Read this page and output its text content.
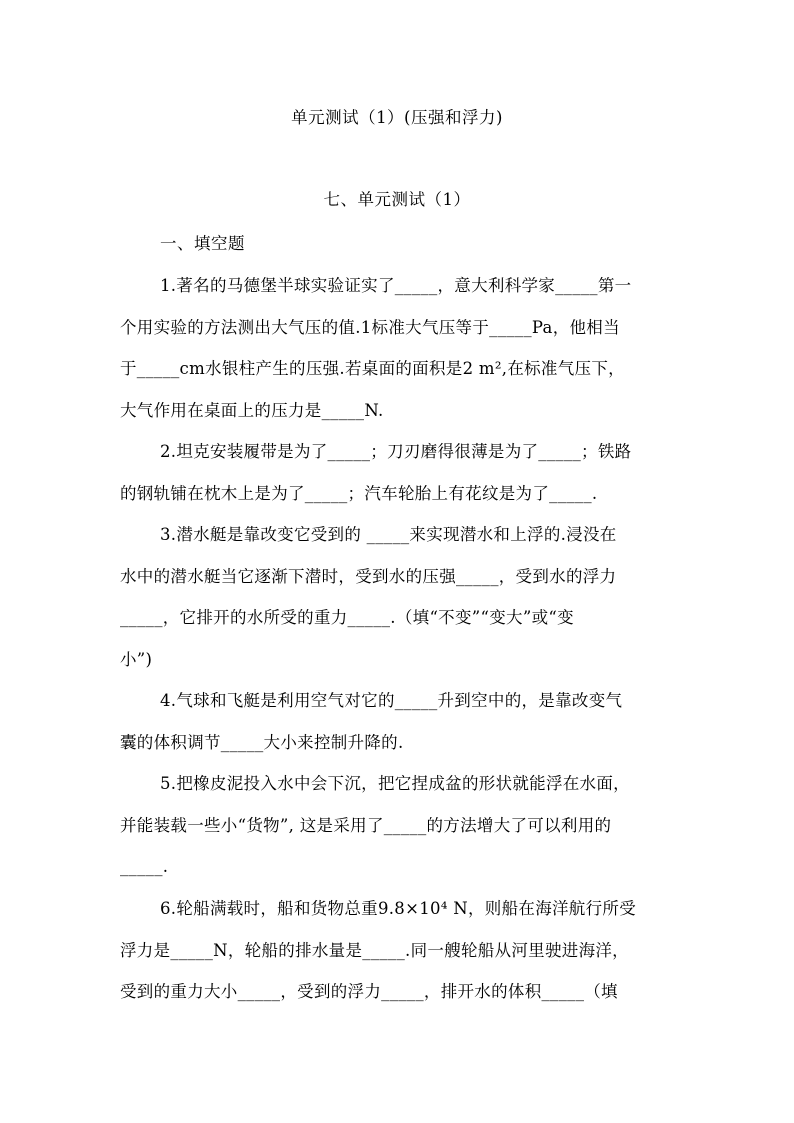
单元测试（1）(压强和浮力)
七、单元测试（1）
一、填空题
1.著名的马德堡半球实验证实了_____，意大利科学家_____第一
个用实验的方法测出大气压的值.1标准大气压等于_____Pa，他相当
于_____cm水银柱产生的压强.若桌面的面积是2 m²,在标准气压下，
大气作用在桌面上的压力是_____N.
2.坦克安装履带是为了_____；刀刃磨得很薄是为了_____；铁路
的钢轨铺在枕木上是为了_____；汽车轮胎上有花纹是为了_____.
3.潜水艇是靠改变它受到的 _____来实现潜水和上浮的.浸没在
水中的潜水艇当它逐渐下潜时，受到水的压强_____，受到水的浮力
_____，它排开的水所受的重力_____.（填“不变”“变大”或“变
小”)
4.气球和飞艇是利用空气对它的_____升到空中的，是靠改变气
囊的体积调节_____大小来控制升降的.
5.把橡皮泥投入水中会下沉，把它捏成盆的形状就能浮在水面，
并能装载一些小“货物”, 这是采用了_____的方法增大了可以利用的
_____.
6.轮船满载时，船和货物总重9.8×10⁴ N，则船在海洋航行所受
浮力是_____N，轮船的排水量是_____.同一艘轮船从河里驶进海洋，
受到的重力大小_____，受到的浮力_____，排开水的体积_____（填
